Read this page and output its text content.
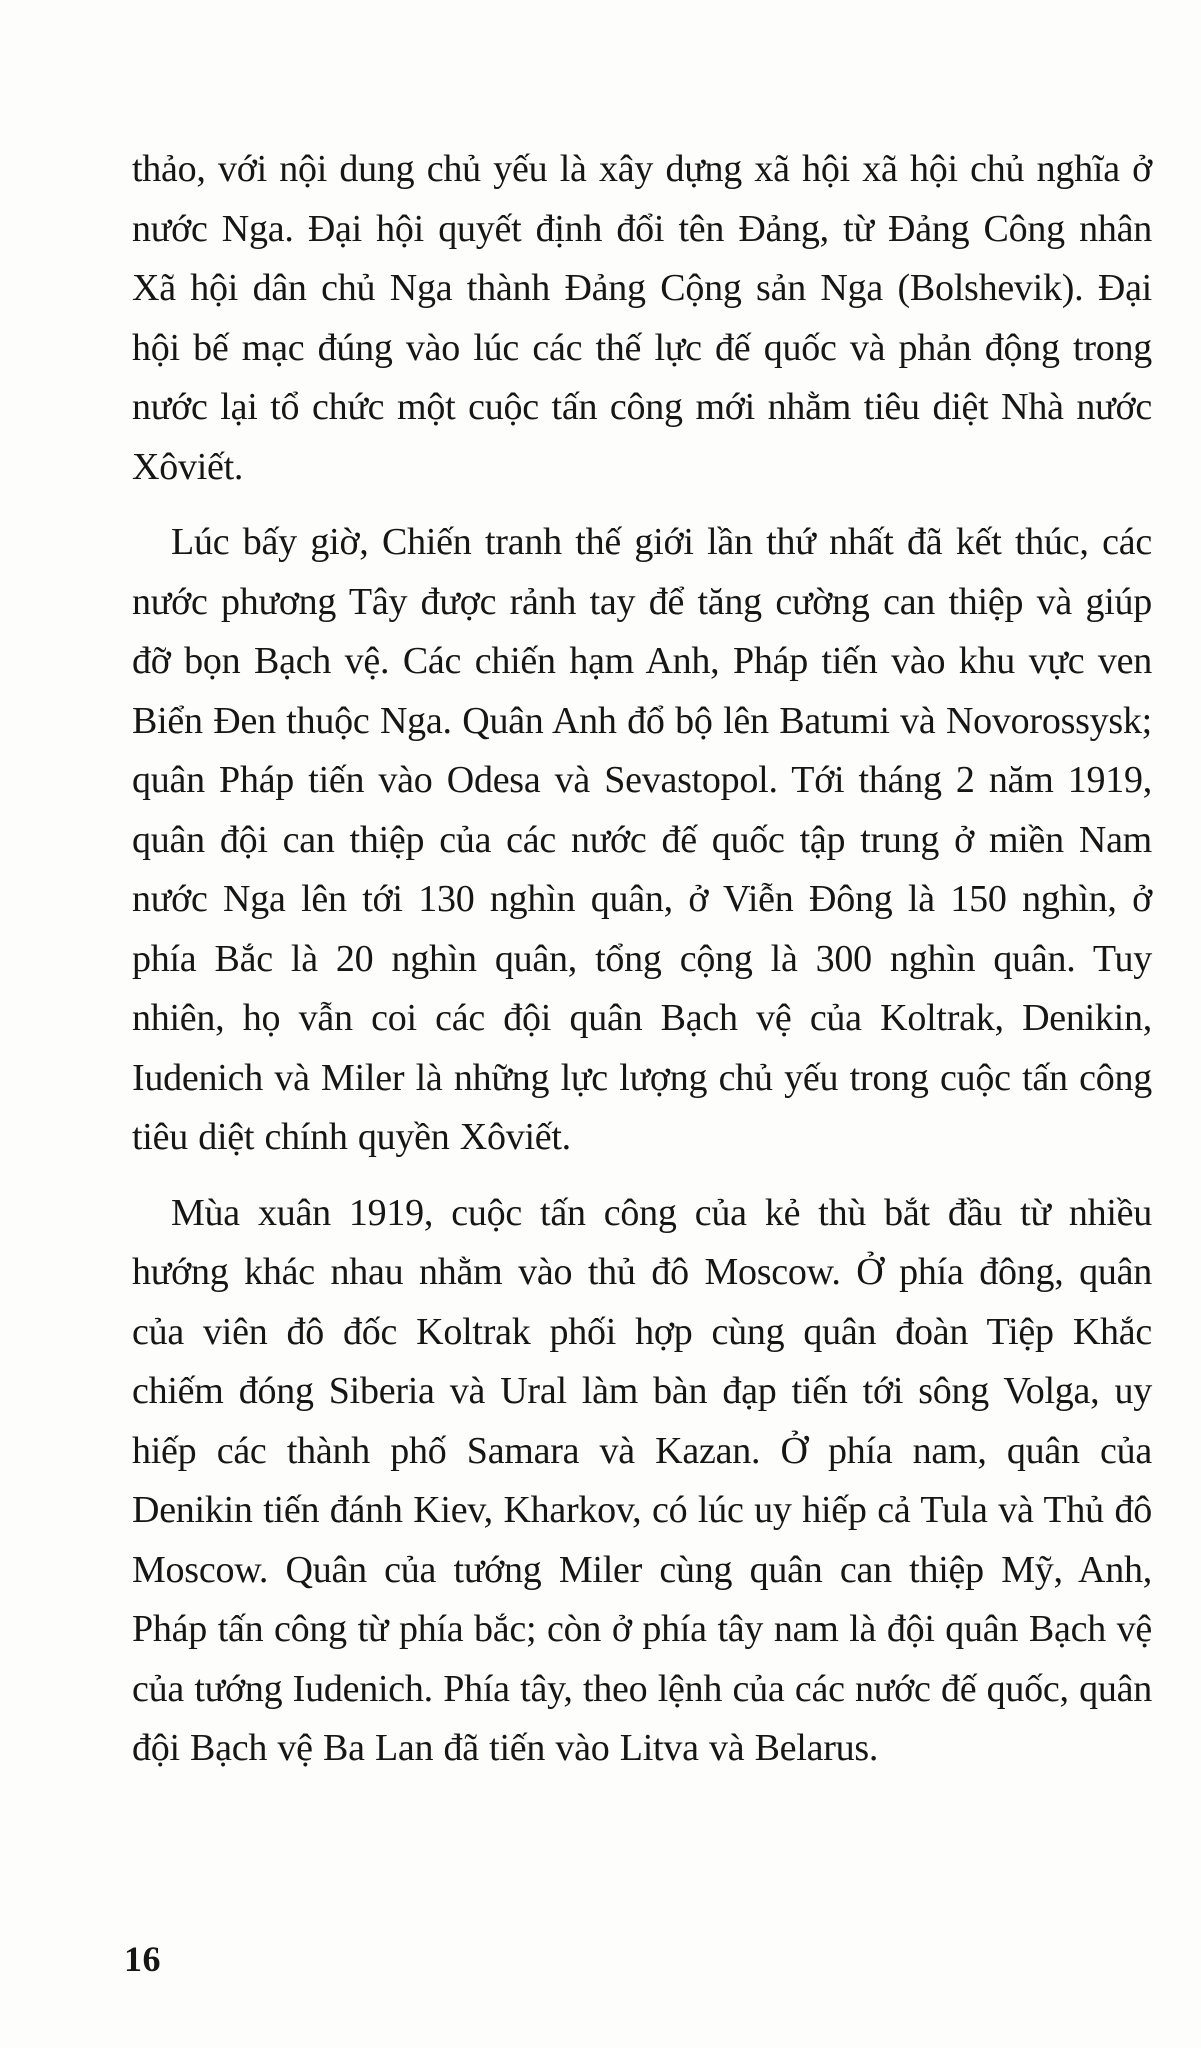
thảo, với nội dung chủ yếu là xây dựng xã hội xã hội chủ nghĩa ở nước Nga. Đại hội quyết định đổi tên Đảng, từ Đảng Công nhân Xã hội dân chủ Nga thành Đảng Cộng sản Nga (Bolshevik). Đại hội bế mạc đúng vào lúc các thế lực đế quốc và phản động trong nước lại tổ chức một cuộc tấn công mới nhằm tiêu diệt Nhà nước Xôviết.

Lúc bấy giờ, Chiến tranh thế giới lần thứ nhất đã kết thúc, các nước phương Tây được rảnh tay để tăng cường can thiệp và giúp đỡ bọn Bạch vệ. Các chiến hạm Anh, Pháp tiến vào khu vực ven Biển Đen thuộc Nga. Quân Anh đổ bộ lên Batumi và Novorossysk; quân Pháp tiến vào Odesa và Sevastopol. Tới tháng 2 năm 1919, quân đội can thiệp của các nước đế quốc tập trung ở miền Nam nước Nga lên tới 130 nghìn quân, ở Viễn Đông là 150 nghìn, ở phía Bắc là 20 nghìn quân, tổng cộng là 300 nghìn quân. Tuy nhiên, họ vẫn coi các đội quân Bạch vệ của Koltrak, Denikin, Iudenich và Miler là những lực lượng chủ yếu trong cuộc tấn công tiêu diệt chính quyền Xôviết.

Mùa xuân 1919, cuộc tấn công của kẻ thù bắt đầu từ nhiều hướng khác nhau nhằm vào thủ đô Moscow. Ở phía đông, quân của viên đô đốc Koltrak phối hợp cùng quân đoàn Tiệp Khắc chiếm đóng Siberia và Ural làm bàn đạp tiến tới sông Volga, uy hiếp các thành phố Samara và Kazan. Ở phía nam, quân của Denikin tiến đánh Kiev, Kharkov, có lúc uy hiếp cả Tula và Thủ đô Moscow. Quân của tướng Miler cùng quân can thiệp Mỹ, Anh, Pháp tấn công từ phía bắc; còn ở phía tây nam là đội quân Bạch vệ của tướng Iudenich. Phía tây, theo lệnh của các nước đế quốc, quân đội Bạch vệ Ba Lan đã tiến vào Litva và Belarus.

16
